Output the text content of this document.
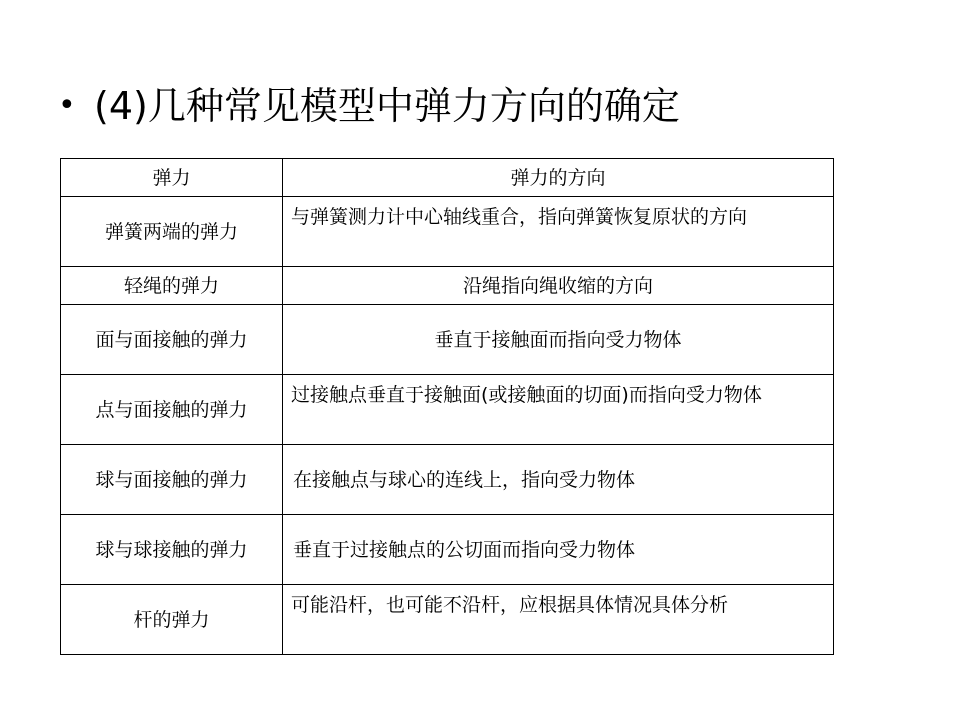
• (4)几种常见模型中弹力方向的确定
弹力	弹力的方向
弹簧两端的弹力	与弹簧测力计中心轴线重合，指向弹簧恢复原状的方向
轻绳的弹力	沿绳指向绳收缩的方向
面与面接触的弹力	垂直于接触面而指向受力物体
点与面接触的弹力	过接触点垂直于接触面(或接触面的切面)而指向受力物体
球与面接触的弹力	在接触点与球心的连线上，指向受力物体
球与球接触的弹力	垂直于过接触点的公切面而指向受力物体
杆的弹力	可能沿杆，也可能不沿杆，应根据具体情况具体分析
